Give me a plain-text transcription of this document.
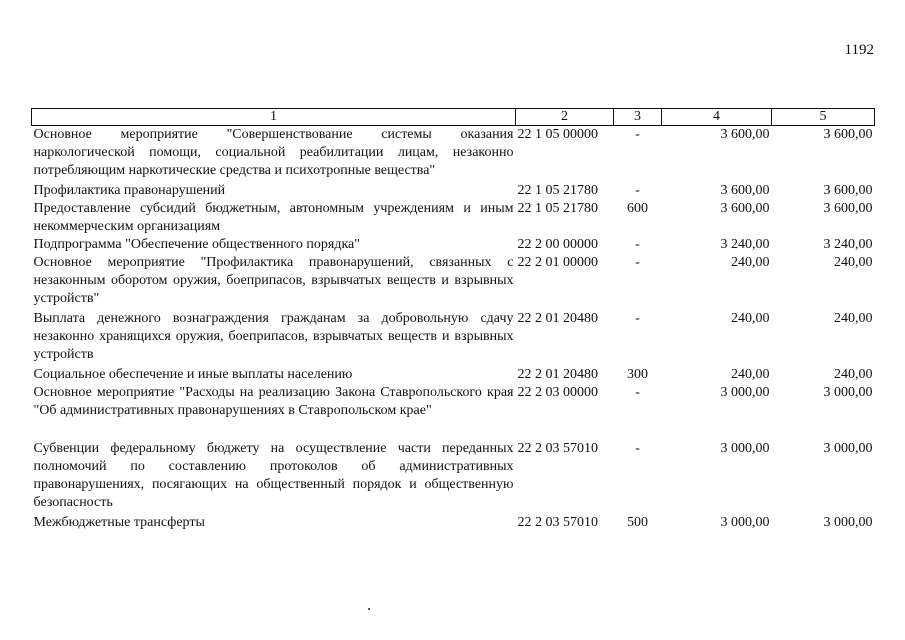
1192
1	2	3	4	5
Основное мероприятие "Совершенствование системы оказания наркологической помощи, социальной реабилитации лицам, незаконно потребляющим наркотические средства и психотропные вещества"	22 1 05 00000	-	3 600,00	3 600,00
Профилактика правонарушений	22 1 05 21780	-	3 600,00	3 600,00
Предоставление субсидий бюджетным, автономным учреждениям и иным некоммерческим организациям	22 1 05 21780	600	3 600,00	3 600,00
Подпрограмма "Обеспечение общественного порядка"	22 2 00 00000	-	3 240,00	3 240,00
Основное мероприятие "Профилактика правонарушений, связанных с незаконным оборотом оружия, боеприпасов, взрывчатых веществ и взрывных устройств"	22 2 01 00000	-	240,00	240,00
Выплата денежного вознаграждения гражданам за добровольную сдачу незаконно хранящихся оружия, боеприпасов, взрывчатых веществ и взрывных устройств	22 2 01 20480	-	240,00	240,00
Социальное обеспечение и иные выплаты населению	22 2 01 20480	300	240,00	240,00
Основное мероприятие "Расходы на реализацию Закона Ставропольского края "Об административных правонарушениях в Ставропольском крае"	22 2 03 00000	-	3 000,00	3 000,00
Субвенции федеральному бюджету на осуществление части переданных полномочий по составлению протоколов об административных правонарушениях, посягающих на общественный порядок и общественную безопасность	22 2 03 57010	-	3 000,00	3 000,00
Межбюджетные трансферты	22 2 03 57010	500	3 000,00	3 000,00
